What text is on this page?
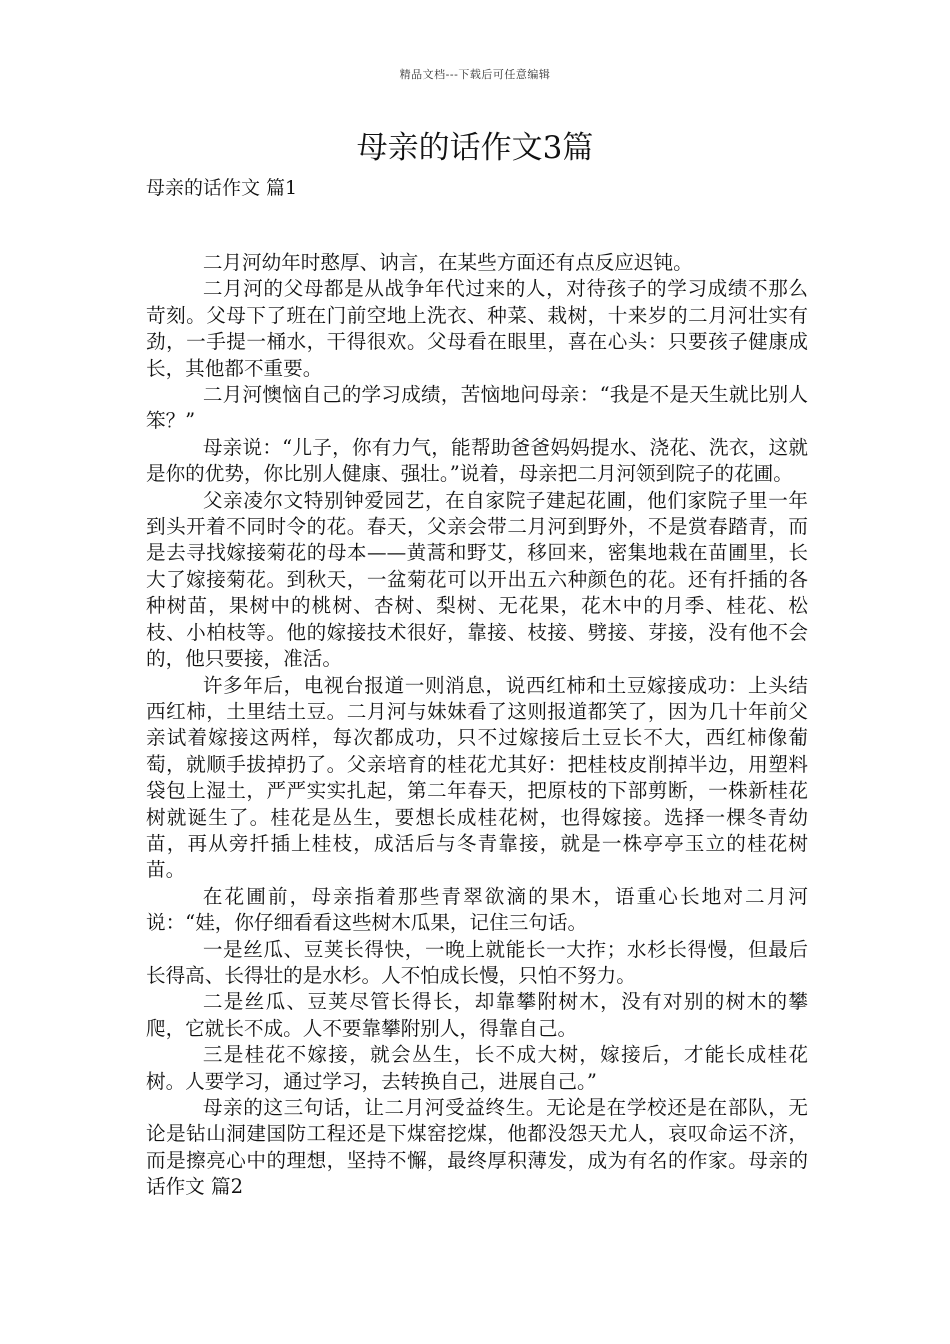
精品文档---下载后可任意编辑
母亲的话作文3篇
母亲的话作文 篇1

二月河幼年时憨厚、讷言，在某些方面还有点反应迟钝。

二月河的父母都是从战争年代过来的人，对待孩子的学习成绩不那么苛刻。父母下了班在门前空地上洗衣、种菜、栽树，十来岁的二月河壮实有劲，一手提一桶水，干得很欢。父母看在眼里，喜在心头：只要孩子健康成长，其他都不重要。

二月河懊恼自己的学习成绩，苦恼地问母亲：“我是不是天生就比别人笨？”

母亲说：“儿子，你有力气，能帮助爸爸妈妈提水、浇花、洗衣，这就是你的优势，你比别人健康、强壮。”说着，母亲把二月河领到院子的花圃。

父亲凌尔文特别钟爱园艺，在自家院子建起花圃，他们家院子里一年到头开着不同时令的花。春天，父亲会带二月河到野外，不是赏春踏青，而是去寻找嫁接菊花的母本——黄蒿和野艾，移回来，密集地栽在苗圃里，长大了嫁接菊花。到秋天，一盆菊花可以开出五六种颜色的花。还有扦插的各种树苗，果树中的桃树、杏树、梨树、无花果，花木中的月季、桂花、松枝、小柏枝等。他的嫁接技术很好，靠接、枝接、劈接、芽接，没有他不会的，他只要接，准活。

许多年后，电视台报道一则消息，说西红柿和土豆嫁接成功：上头结西红柿，土里结土豆。二月河与妹妹看了这则报道都笑了，因为几十年前父亲试着嫁接这两样，每次都成功，只不过嫁接后土豆长不大，西红柿像葡萄，就顺手拔掉扔了。父亲培育的桂花尤其好：把桂枝皮削掉半边，用塑料袋包上湿土，严严实实扎起，第二年春天，把原枝的下部剪断，一株新桂花树就诞生了。桂花是丛生，要想长成桂花树，也得嫁接。选择一棵冬青幼苗，再从旁扦插上桂枝，成活后与冬青靠接，就是一株亭亭玉立的桂花树苗。

在花圃前，母亲指着那些青翠欲滴的果木，语重心长地对二月河说：“娃，你仔细看看这些树木瓜果，记住三句话。

一是丝瓜、豆荚长得快，一晚上就能长一大拃；水杉长得慢，但最后长得高、长得壮的是水杉。人不怕成长慢，只怕不努力。

二是丝瓜、豆荚尽管长得长，却靠攀附树木，没有对别的树木的攀爬，它就长不成。人不要靠攀附别人，得靠自己。

三是桂花不嫁接，就会丛生，长不成大树，嫁接后，才能长成桂花树。人要学习，通过学习，去转换自己，进展自己。”

母亲的这三句话，让二月河受益终生。无论是在学校还是在部队，无论是钻山洞建国防工程还是下煤窑挖煤，他都没怨天尤人，哀叹命运不济，而是擦亮心中的理想，坚持不懈，最终厚积薄发，成为有名的作家。母亲的话作文 篇2
